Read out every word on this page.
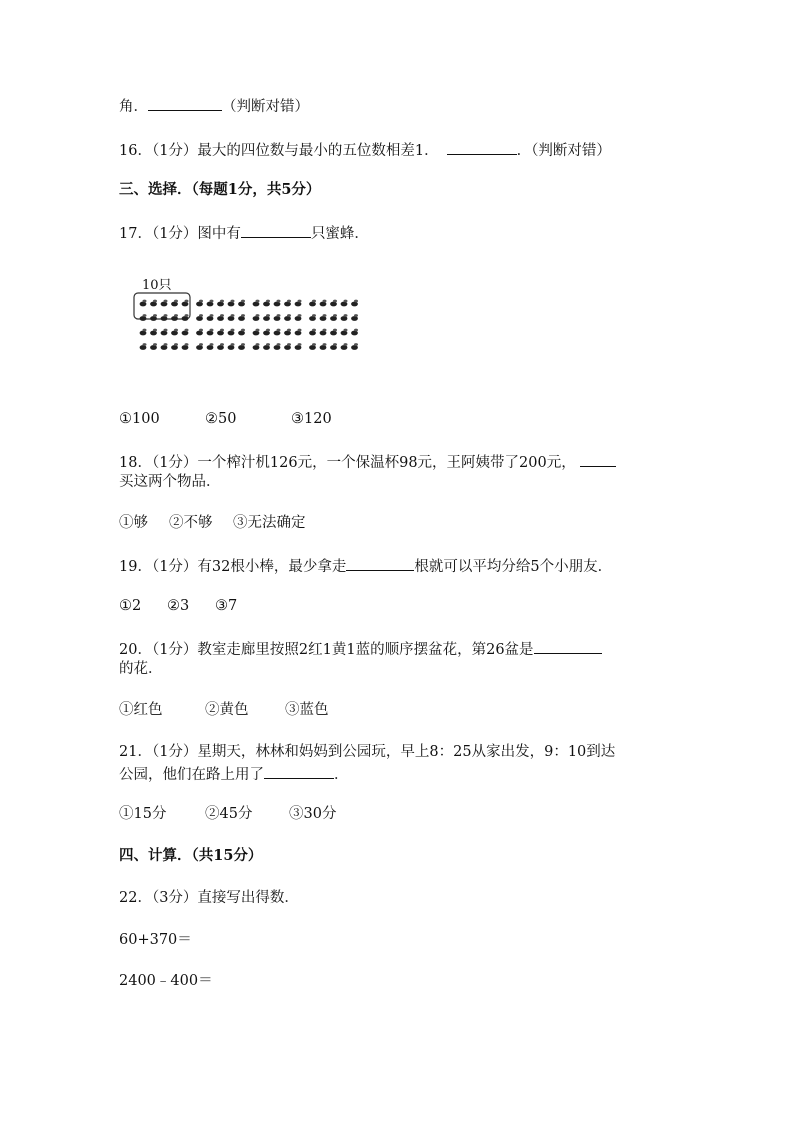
角．	（判断对错）
16．（1分）最大的四位数与最小的五位数相差1．	．（判断对错）
三、选择．（每题1分，共5分）
17．（1分）图中有	只蜜蜂．
10只
①100	②50	③120
18．（1分）一个榨汁机126元，一个保温杯98元，王阿姨带了200元，
买这两个物品．
①够 ②不够 ③无法确定
19．（1分）有32根小棒，最少拿走	根就可以平均分给5个小朋友．
①2 ②3 ③7
20．（1分）教室走廊里按照2红1黄1蓝的顺序摆盆花，第26盆是
的花．
①红色	②黄色	③蓝色
21．（1分）星期天，林林和妈妈到公园玩，早上8：25从家出发，9：10到达
公园，他们在路上用了	．
①15分	②45分	③30分
四、计算．（共15分）
22．（3分）直接写出得数．
60+370＝
2400﹣400＝
